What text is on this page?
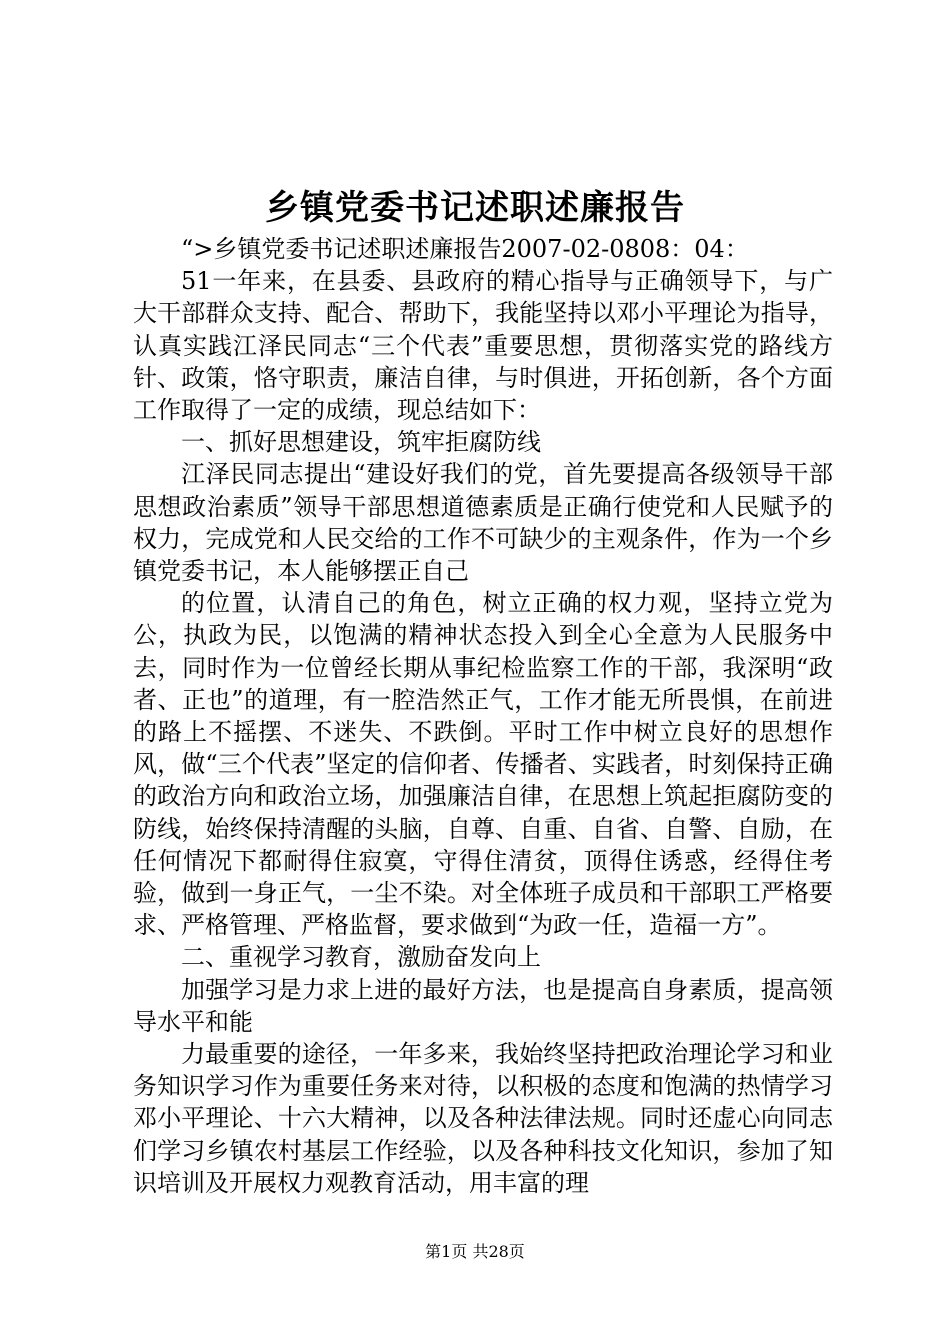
乡镇党委书记述职述廉报告

“>乡镇党委书记述职述廉报告2007-02-0808：04：

51一年来，在县委、县政府的精心指导与正确领导下，与广大干部群众支持、配合、帮助下，我能坚持以邓小平理论为指导，认真实践江泽民同志“三个代表”重要思想，贯彻落实党的路线方针、政策，恪守职责，廉洁自律，与时俱进，开拓创新，各个方面工作取得了一定的成绩，现总结如下：

一、抓好思想建设，筑牢拒腐防线

江泽民同志提出“建设好我们的党，首先要提高各级领导干部思想政治素质”领导干部思想道德素质是正确行使党和人民赋予的权力，完成党和人民交给的工作不可缺少的主观条件，作为一个乡镇党委书记，本人能够摆正自己

的位置，认清自己的角色，树立正确的权力观，坚持立党为公，执政为民，以饱满的精神状态投入到全心全意为人民服务中去，同时作为一位曾经长期从事纪检监察工作的干部，我深明“政者、正也”的道理，有一腔浩然正气，工作才能无所畏惧，在前进的路上不摇摆、不迷失、不跌倒。平时工作中树立良好的思想作风，做“三个代表”坚定的信仰者、传播者、实践者，时刻保持正确的政治方向和政治立场，加强廉洁自律，在思想上筑起拒腐防变的防线，始终保持清醒的头脑，自尊、自重、自省、自警、自励，在任何情况下都耐得住寂寞，守得住清贫，顶得住诱惑，经得住考验，做到一身正气，一尘不染。对全体班子成员和干部职工严格要求、严格管理、严格监督，要求做到“为政一任，造福一方”。

二、重视学习教育，激励奋发向上

加强学习是力求上进的最好方法，也是提高自身素质，提高领导水平和能

力最重要的途径，一年多来，我始终坚持把政治理论学习和业务知识学习作为重要任务来对待，以积极的态度和饱满的热情学习邓小平理论、十六大精神，以及各种法律法规。同时还虚心向同志们学习乡镇农村基层工作经验，以及各种科技文化知识，参加了知识培训及开展权力观教育活动，用丰富的理

第1页 共28页
